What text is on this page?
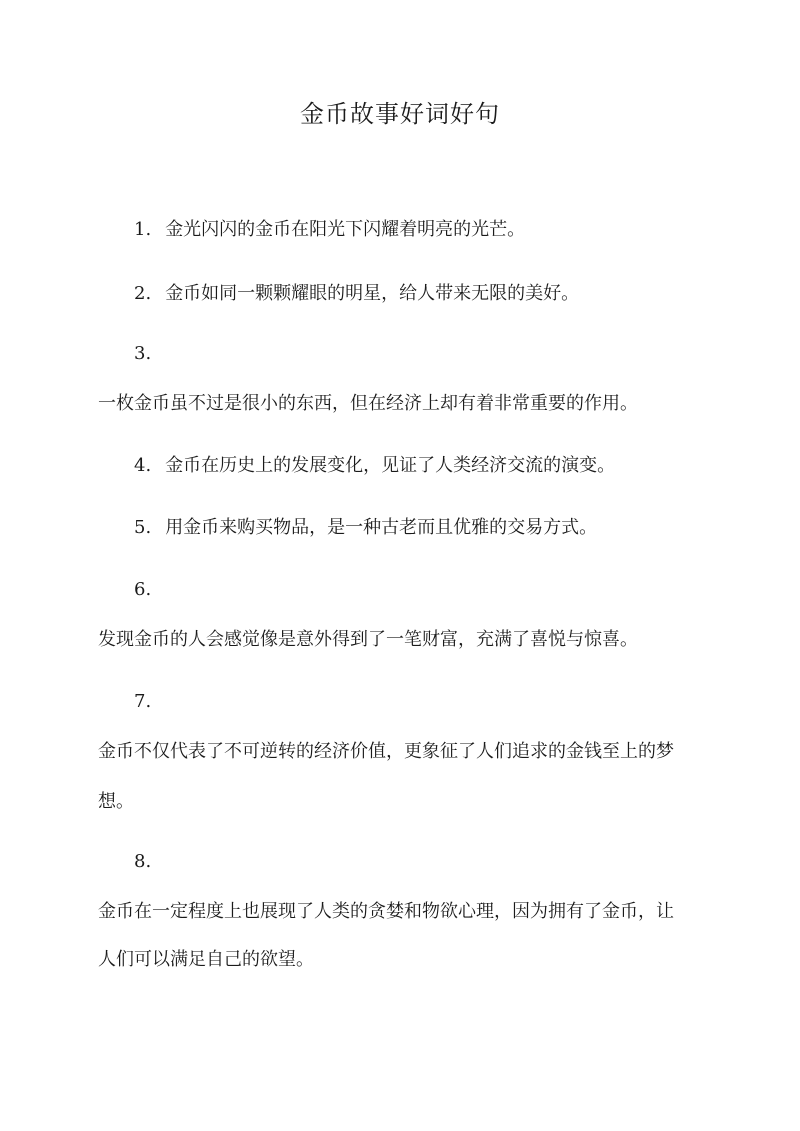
金币故事好词好句
1. 金光闪闪的金币在阳光下闪耀着明亮的光芒。
2. 金币如同一颗颗耀眼的明星，给人带来无限的美好。
3.
一枚金币虽不过是很小的东西，但在经济上却有着非常重要的作用。
4. 金币在历史上的发展变化，见证了人类经济交流的演变。
5. 用金币来购买物品，是一种古老而且优雅的交易方式。
6.
发现金币的人会感觉像是意外得到了一笔财富，充满了喜悦与惊喜。
7.
金币不仅代表了不可逆转的经济价值，更象征了人们追求的金钱至上的梦
想。
8.
金币在一定程度上也展现了人类的贪婪和物欲心理，因为拥有了金币，让
人们可以满足自己的欲望。
